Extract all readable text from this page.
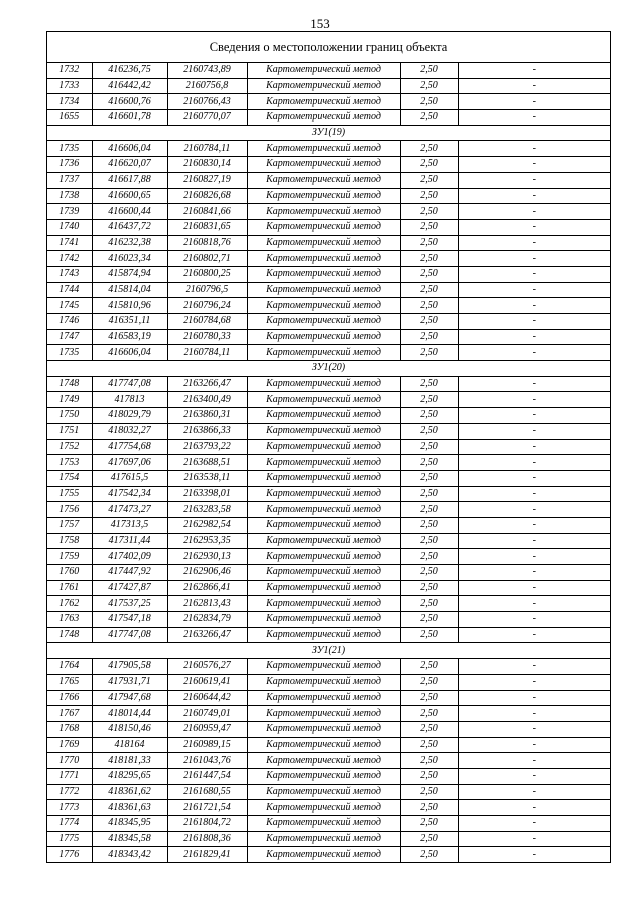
153
Сведения о местоположении границ объекта
1732	416236,75	2160743,89	Картометрический метод	2,50	-
1733	416442,42	2160756,8	Картометрический метод	2,50	-
1734	416600,76	2160766,43	Картометрический метод	2,50	-
1655	416601,78	2160770,07	Картометрический метод	2,50	-
ЗУ1(19)					
1735	416606,04	2160784,11	Картометрический метод	2,50	-
1736	416620,07	2160830,14	Картометрический метод	2,50	-
1737	416617,88	2160827,19	Картометрический метод	2,50	-
1738	416600,65	2160826,68	Картометрический метод	2,50	-
1739	416600,44	2160841,66	Картометрический метод	2,50	-
1740	416437,72	2160831,65	Картометрический метод	2,50	-
1741	416232,38	2160818,76	Картометрический метод	2,50	-
1742	416023,34	2160802,71	Картометрический метод	2,50	-
1743	415874,94	2160800,25	Картометрический метод	2,50	-
1744	415814,04	2160796,5	Картометрический метод	2,50	-
1745	415810,96	2160796,24	Картометрический метод	2,50	-
1746	416351,11	2160784,68	Картометрический метод	2,50	-
1747	416583,19	2160780,33	Картометрический метод	2,50	-
1735	416606,04	2160784,11	Картометрический метод	2,50	-
ЗУ1(20)					
1748	417747,08	2163266,47	Картометрический метод	2,50	-
1749	417813	2163400,49	Картометрический метод	2,50	-
1750	418029,79	2163860,31	Картометрический метод	2,50	-
1751	418032,27	2163866,33	Картометрический метод	2,50	-
1752	417754,68	2163793,22	Картометрический метод	2,50	-
1753	417697,06	2163688,51	Картометрический метод	2,50	-
1754	417615,5	2163538,11	Картометрический метод	2,50	-
1755	417542,34	2163398,01	Картометрический метод	2,50	-
1756	417473,27	2163283,58	Картометрический метод	2,50	-
1757	417313,5	2162982,54	Картометрический метод	2,50	-
1758	417311,44	2162953,35	Картометрический метод	2,50	-
1759	417402,09	2162930,13	Картометрический метод	2,50	-
1760	417447,92	2162906,46	Картометрический метод	2,50	-
1761	417427,87	2162866,41	Картометрический метод	2,50	-
1762	417537,25	2162813,43	Картометрический метод	2,50	-
1763	417547,18	2162834,79	Картометрический метод	2,50	-
1748	417747,08	2163266,47	Картометрический метод	2,50	-
ЗУ1(21)					
1764	417905,58	2160576,27	Картометрический метод	2,50	-
1765	417931,71	2160619,41	Картометрический метод	2,50	-
1766	417947,68	2160644,42	Картометрический метод	2,50	-
1767	418014,44	2160749,01	Картометрический метод	2,50	-
1768	418150,46	2160959,47	Картометрический метод	2,50	-
1769	418164	2160989,15	Картометрический метод	2,50	-
1770	418181,33	2161043,76	Картометрический метод	2,50	-
1771	418295,65	2161447,54	Картометрический метод	2,50	-
1772	418361,62	2161680,55	Картометрический метод	2,50	-
1773	418361,63	2161721,54	Картометрический метод	2,50	-
1774	418345,95	2161804,72	Картометрический метод	2,50	-
1775	418345,58	2161808,36	Картометрический метод	2,50	-
1776	418343,42	2161829,41	Картометрический метод	2,50	-
